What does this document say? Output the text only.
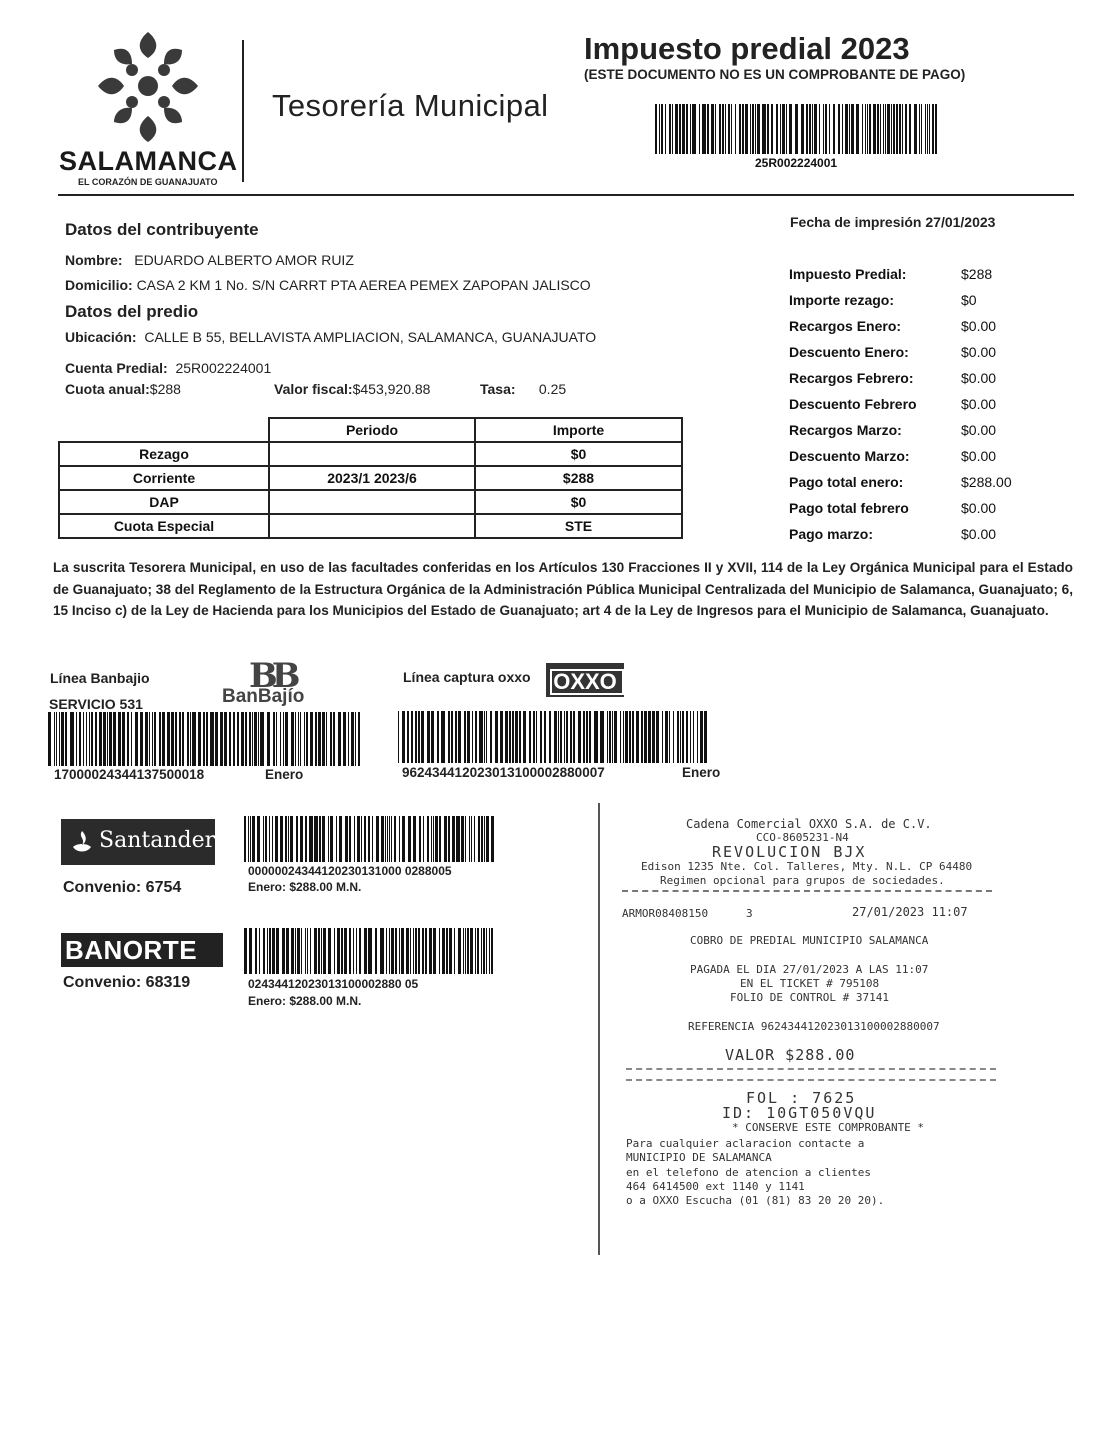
SALAMANCA
EL CORAZÓN DE GUANAJUATO
Tesorería Municipal
Impuesto predial 2023
(ESTE DOCUMENTO NO ES UN COMPROBANTE DE PAGO)
25R002224001
Datos del contribuyente
Nombre: EDUARDO ALBERTO AMOR RUIZ
Domicilio: CASA 2 KM 1 No. S/N CARRT PTA AEREA PEMEX ZAPOPAN JALISCO
Datos del predio
Ubicación: CALLE B 55, BELLAVISTA AMPLIACION, SALAMANCA, GUANAJUATO
Cuenta Predial: 25R002224001
Cuota anual:$288	Valor fiscal:$453,920.88	Tasa: 0.25
	Periodo	Importe
Rezago		$0
Corriente	2023/1 2023/6	$288
DAP		$0
Cuota Especial		STE
Fecha de impresión 27/01/2023
Impuesto Predial:	$288
Importe rezago:	$0
Recargos Enero:	$0.00
Descuento Enero:	$0.00
Recargos Febrero:	$0.00
Descuento Febrero	$0.00
Recargos Marzo:	$0.00
Descuento Marzo:	$0.00
Pago total enero:	$288.00
Pago total febrero	$0.00
Pago marzo:	$0.00
La suscrita Tesorera Municipal, en uso de las facultades conferidas en los Artículos 130 Fracciones II y XVII, 114 de la Ley Orgánica Municipal para el Estado de Guanajuato; 38 del Reglamento de la Estructura Orgánica de la Administración Pública Municipal Centralizada del Municipio de Salamanca, Guanajuato; 6, 15 Inciso c) de la Ley de Hacienda para los Municipios del Estado de Guanajuato; art 4 de la Ley de Ingresos para el Municipio de Salamanca, Guanajuato.
Línea Banbajio
SERVICIO 531
BB
BanBajío
17000024344137500018	Enero
Línea captura oxxo	OXXO
962434412023013100002880007	Enero
Santander
Convenio: 6754
00000024344120230131000 0288005
Enero: $288.00 M.N.
BANORTE
Convenio: 68319	02434412023013100002880 05
Enero: $288.00 M.N.
Cadena Comercial OXXO S.A. de C.V.
CCO-8605231-N4
REVOLUCION BJX
Edison 1235 Nte. Col. Talleres, Mty. N.L. CP 64480
Regimen opcional para grupos de sociedades.
ARMOR08408150	3	27/01/2023 11:07
COBRO DE PREDIAL MUNICIPIO SALAMANCA
PAGADA EL DIA 27/01/2023 A LAS 11:07
EN EL TICKET # 795108
FOLIO DE CONTROL # 37141
REFERENCIA 962434412023013100002880007
VALOR $288.00
FOL : 7625
ID: 10GT050VQU
* CONSERVE ESTE COMPROBANTE *
Para cualquier aclaracion contacte a
MUNICIPIO DE SALAMANCA
en el telefono de atencion a clientes
464 6414500 ext 1140 y 1141
o a OXXO Escucha (01 (81) 83 20 20 20).
